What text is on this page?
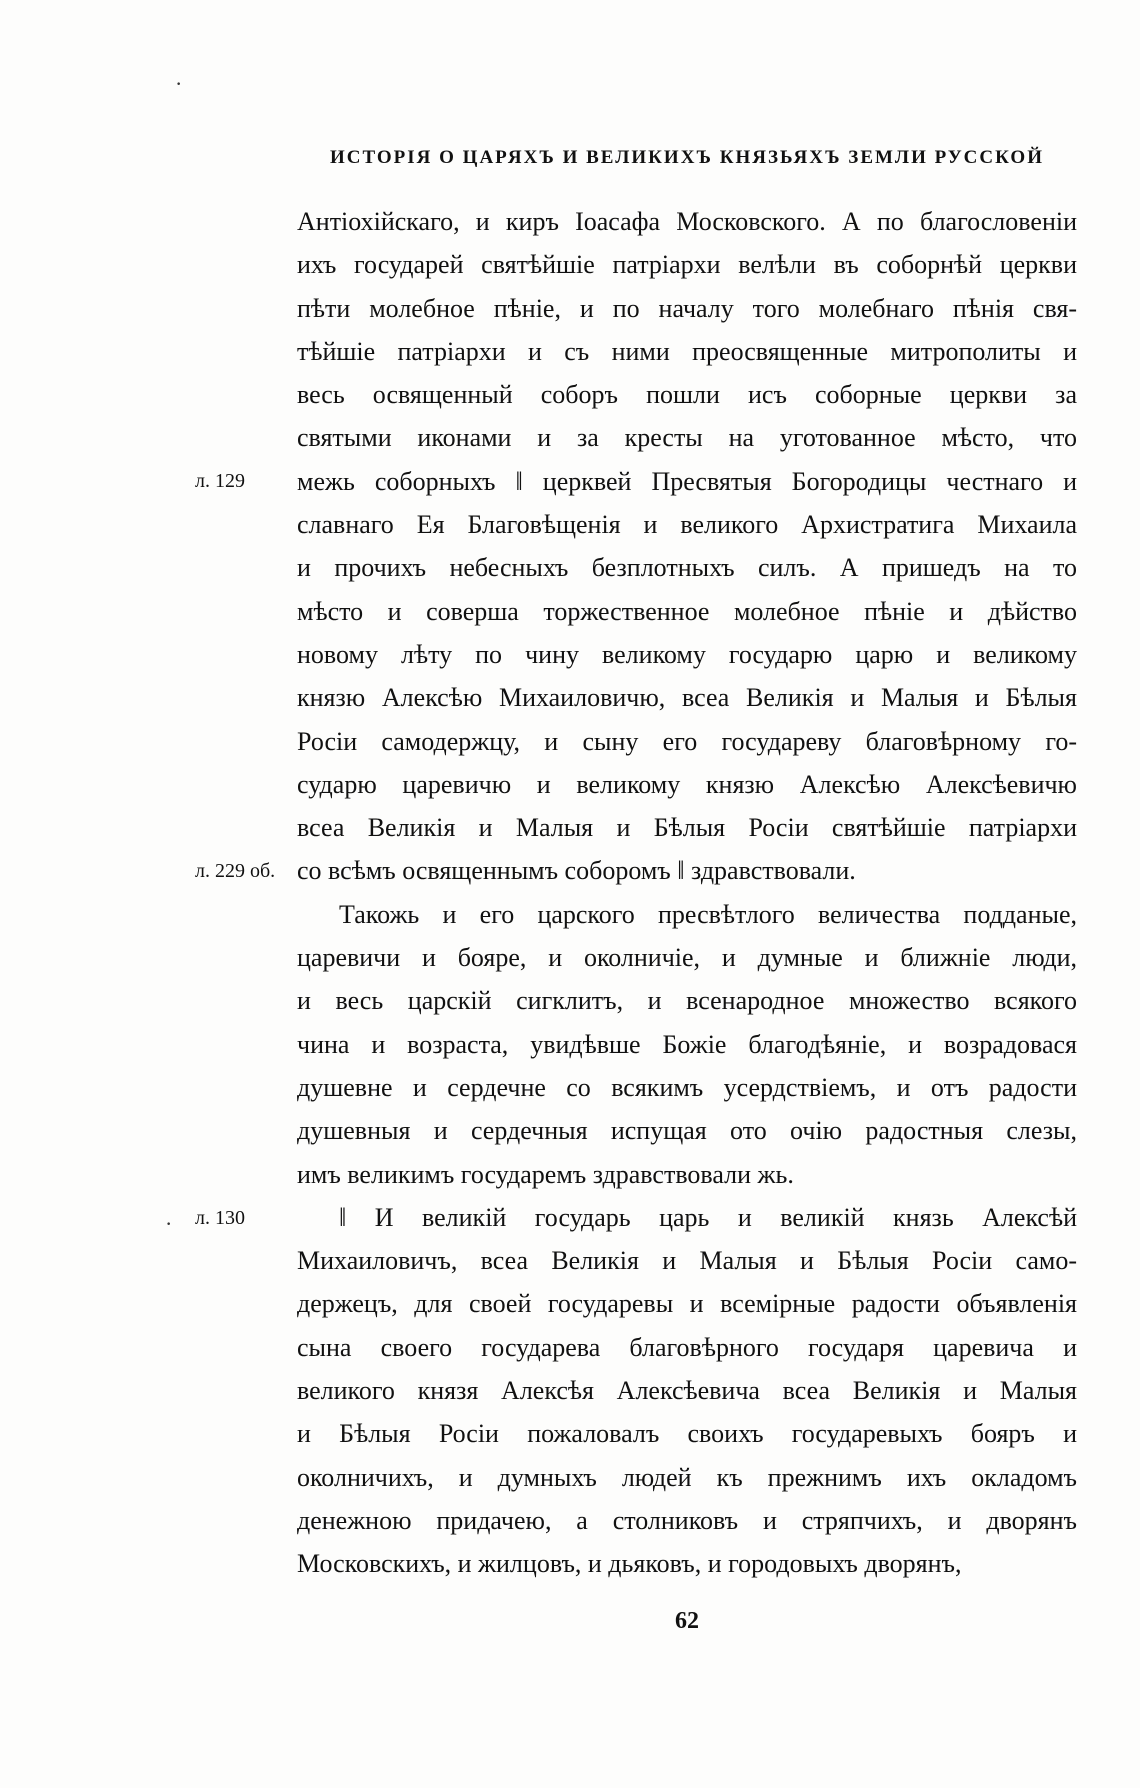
·
·
ИСТОРІЯ О ЦАРЯХЪ И ВЕЛИКИХЪ КНЯЗЬЯХЪ ЗЕМЛИ РУССКОЙ
Антіохійскаго, и киръ Іоасафа Московского. А по благословеніи
ихъ государей святѣйшіе патріархи велѣли въ соборнѣй церкви
пѣти молебное пѣніе, и по началу того молебнаго пѣнія свя-
тѣйшіе патріархи и съ ними преосвященные митрополиты и
весь освященный соборъ пошли исъ соборные церкви за
святыми иконами и за кресты на уготованное мѣсто, что
межь соборныхъ ‖ церквей Пресвятыя Богородицы честнаго и
славнаго Ея Благовѣщенія и великого Архистратига Михаила
и прочихъ небесныхъ безплотныхъ силъ. А пришедъ на то
мѣсто и соверша торжественное молебное пѣніе и дѣйство
новому лѣту по чину великому государю царю и великому
князю Алексѣю Михаиловичю, всеа Великія и Малыя и Бѣлыя
Росіи самодержцу, и сыну его государеву благовѣрному го-
сударю царевичю и великому князю Алексѣю Алексѣевичю
всеа Великія и Малыя и Бѣлыя Росіи святѣйшіе патріархи
со всѣмъ освященнымъ соборомъ ‖ здравствовали.
Такожь и его царского пресвѣтлого величества подданые,
царевичи и бояре, и околничіе, и думные и ближніе люди,
и весь царскій сигклитъ, и всенародное множество всякого
чина и возраста, увидѣвше Божіе благодѣяніе, и возрадовася
душевне и сердечне со всякимъ усердствіемъ, и отъ радости
душевныя и сердечныя испущая ото очію радостныя слезы,
имъ великимъ государемъ здравствовали жь.
‖ И великій государь царь и великій князь Алексѣй
Михаиловичъ, всеа Великія и Малыя и Бѣлыя Росіи само-
держецъ, для своей государевы и всемірные радости объявленія
сына своего государева благовѣрного государя царевича и
великого князя Алексѣя Алексѣевича всеа Великія и Малыя
и Бѣлыя Росіи пожаловалъ своихъ государевыхъ бояръ и
околничихъ, и думныхъ людей къ прежнимъ ихъ окладомъ
денежною придачею, а столниковъ и стряпчихъ, и дворянъ
Московскихъ, и жилцовъ, и дьяковъ, и городовыхъ дворянъ,
л. 129
л. 229 об.
л. 130
62
